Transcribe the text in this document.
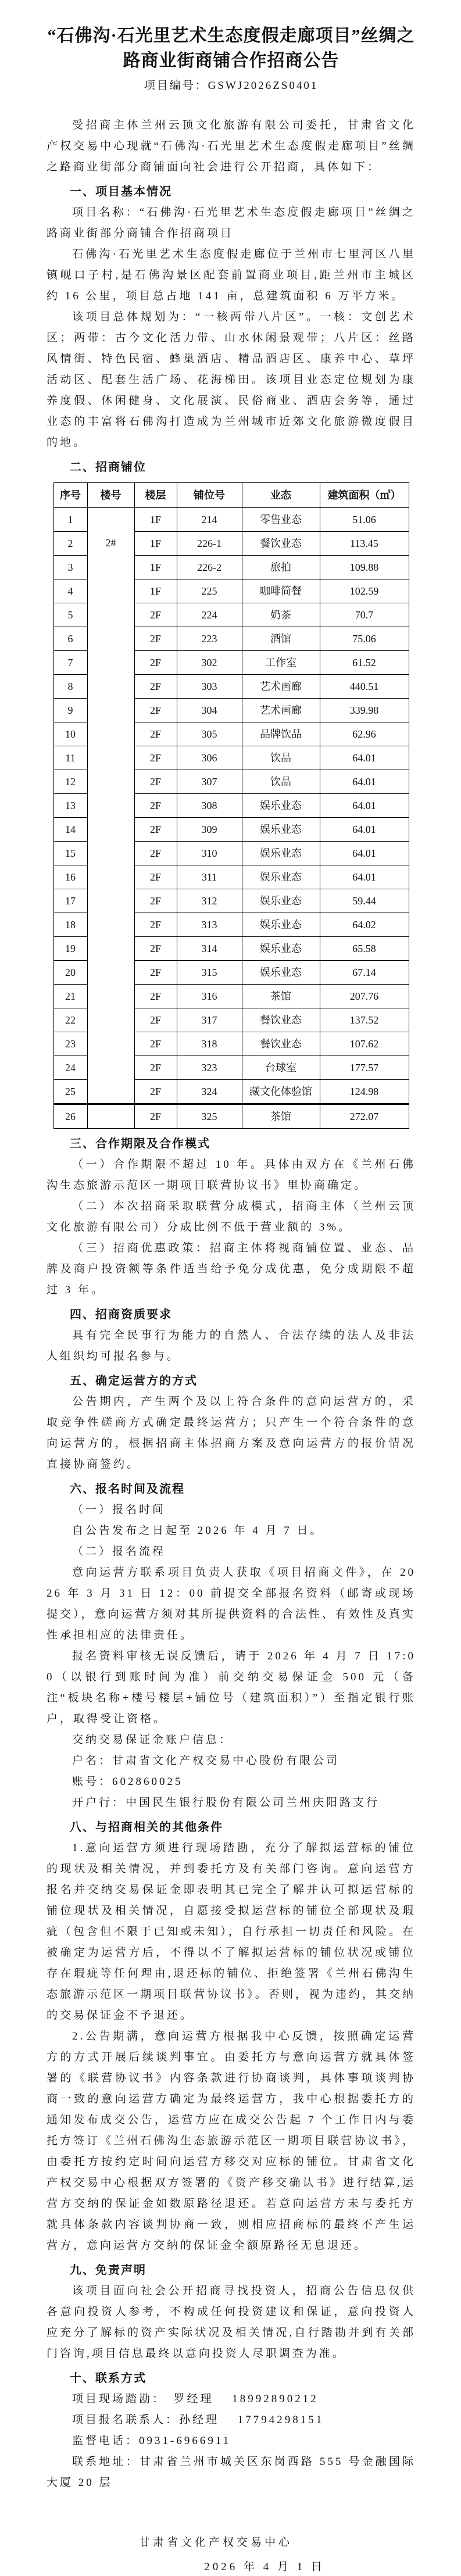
“石佛沟·石光里艺术生态度假走廊项目”丝绸之路商业街商铺合作招商公告
项目编号：GSWJ2026ZS0401

受招商主体兰州云顶文化旅游有限公司委托，甘肃省文化产权交易中心现就“石佛沟·石光里艺术生态度假走廊项目”丝绸之路商业街部分商铺面向社会进行公开招商，具体如下：

一、项目基本情况

项目名称：“石佛沟·石光里艺术生态度假走廊项目”丝绸之路商业街部分商铺合作招商项目

石佛沟·石光里艺术生态度假走廊位于兰州市七里河区八里镇岘口子村,是石佛沟景区配套前置商业项目,距兰州市主城区约 16 公里，项目总占地 141 亩，总建筑面积 6 万平方米。

该项目总体规划为：“一核两带八片区”。一核：文创艺术区；两带：古今文化活力带、山水休闲景观带；八片区：丝路风情街、特色民宿、蜂巢酒店、精品酒店区、康养中心、草坪活动区、配套生活广场、花海梯田。该项目业态定位规划为康养度假、休闲健身、文化展演、民俗商业、酒店会务等，通过业态的丰富将石佛沟打造成为兰州城市近郊文化旅游微度假目的地。

二、招商铺位
序号	楼号	楼层	铺位号	业态	建筑面积（㎡）
1	2#	1F	214	零售业态	51.06
2		1F	226-1	餐饮业态	113.45
3		1F	226-2	旅拍	109.88
4		1F	225	咖啡简餐	102.59
5		2F	224	奶茶	70.7
6		2F	223	酒馆	75.06
7		2F	302	工作室	61.52
8		2F	303	艺术画廊	440.51
9		2F	304	艺术画廊	339.98
10		2F	305	品牌饮品	62.96
11		2F	306	饮品	64.01
12		2F	307	饮品	64.01
13		2F	308	娱乐业态	64.01
14		2F	309	娱乐业态	64.01
15		2F	310	娱乐业态	64.01
16		2F	311	娱乐业态	64.01
17		2F	312	娱乐业态	59.44
18		2F	313	娱乐业态	64.02
19		2F	314	娱乐业态	65.58
20		2F	315	娱乐业态	67.14
21		2F	316	茶馆	207.76
22		2F	317	餐饮业态	137.52
23		2F	318	餐饮业态	107.62
24		2F	323	台球室	177.57
25		2F	324	藏文化体验馆	124.98
26		2F	325	茶馆	272.07
三、合作期限及合作模式

（一）合作期限不超过 10 年。具体由双方在《兰州石佛沟生态旅游示范区一期项目联营协议书》里协商确定。

（二）本次招商采取联营分成模式，招商主体（兰州云顶文化旅游有限公司）分成比例不低于营业额的 3%。

（三）招商优惠政策：招商主体将视商铺位置、业态、品牌及商户投资额等条件适当给予免分成优惠，免分成期限不超过 3 年。

四、招商资质要求

具有完全民事行为能力的自然人、合法存续的法人及非法人组织均可报名参与。

五、确定运营方的方式

公告期内，产生两个及以上符合条件的意向运营方的，采取竞争性磋商方式确定最终运营方；只产生一个符合条件的意向运营方的，根据招商主体招商方案及意向运营方的报价情况直接协商签约。

六、报名时间及流程

（一）报名时间

自公告发布之日起至 2026 年 4 月 7 日。

（二）报名流程

意向运营方联系项目负责人获取《项目招商文件》，在 2026 年 3 月 31 日 12：00 前提交全部报名资料（邮寄或现场提交），意向运营方须对其所提供资料的合法性、有效性及真实性承担相应的法律责任。

报名资料审核无误反馈后，请于 2026 年 4 月 7 日 17:00（以银行到账时间为准）前交纳交易保证金 500 元（备注“板块名称+楼号楼层+铺位号（建筑面积）”）至指定银行账户，取得受让资格。

交纳交易保证金账户信息：

户名：甘肃省文化产权交易中心股份有限公司

账号：602860025

开户行：中国民生银行股份有限公司兰州庆阳路支行

八、与招商相关的其他条件

1.意向运营方须进行现场踏勘，充分了解拟运营标的铺位的现状及相关情况，并到委托方及有关部门咨询。意向运营方报名并交纳交易保证金即表明其已完全了解并认可拟运营标的铺位现状及相关情况，自愿接受拟运营标的铺位全部现状及瑕疵（包含但不限于已知或未知），自行承担一切责任和风险。在被确定为运营方后，不得以不了解拟运营标的铺位状况或铺位存在瑕疵等任何理由,退还标的铺位、拒绝签署《兰州石佛沟生态旅游示范区一期项目联营协议书》。否则，视为违约，其交纳的交易保证金不予退还。

2.公告期满，意向运营方根据我中心反馈，按照确定运营方的方式开展后续谈判事宜。由委托方与意向运营方就具体签署的《联营协议书》内容条款进行协商谈判，具体事项谈判协商一致的意向运营方确定为最终运营方，我中心根据委托方的通知发布成交公告，运营方应在成交公告起 7 个工作日内与委托方签订《兰州石佛沟生态旅游示范区一期项目联营协议书》，由委托方按约定时间向运营方移交对应标的铺位。甘肃省文化产权交易中心根据双方签署的《资产移交确认书》进行结算,运营方交纳的保证金如数原路径退还。若意向运营方未与委托方就具体条款内容谈判协商一致，则相应招商标的最终不产生运营方，意向运营方交纳的保证金全额原路径无息退还。

九、免责声明

该项目面向社会公开招商寻找投资人，招商公告信息仅供各意向投资人参考，不构成任何投资建议和保证，意向投资人应充分了解标的资产实际状况及相关情况,自行踏勘并到有关部门咨询,项目信息最终以意向投资人尽职调查为准。

十、联系方式

项目现场踏勘：　罗经理　 18992890212

项目报名联系人：孙经理　 17794298151

监督电话：0931-6966911

联系地址：甘肃省兰州市城关区东岗西路 555 号金融国际大厦 20 层

甘肃省文化产权交易中心
2026 年 4 月 1 日
